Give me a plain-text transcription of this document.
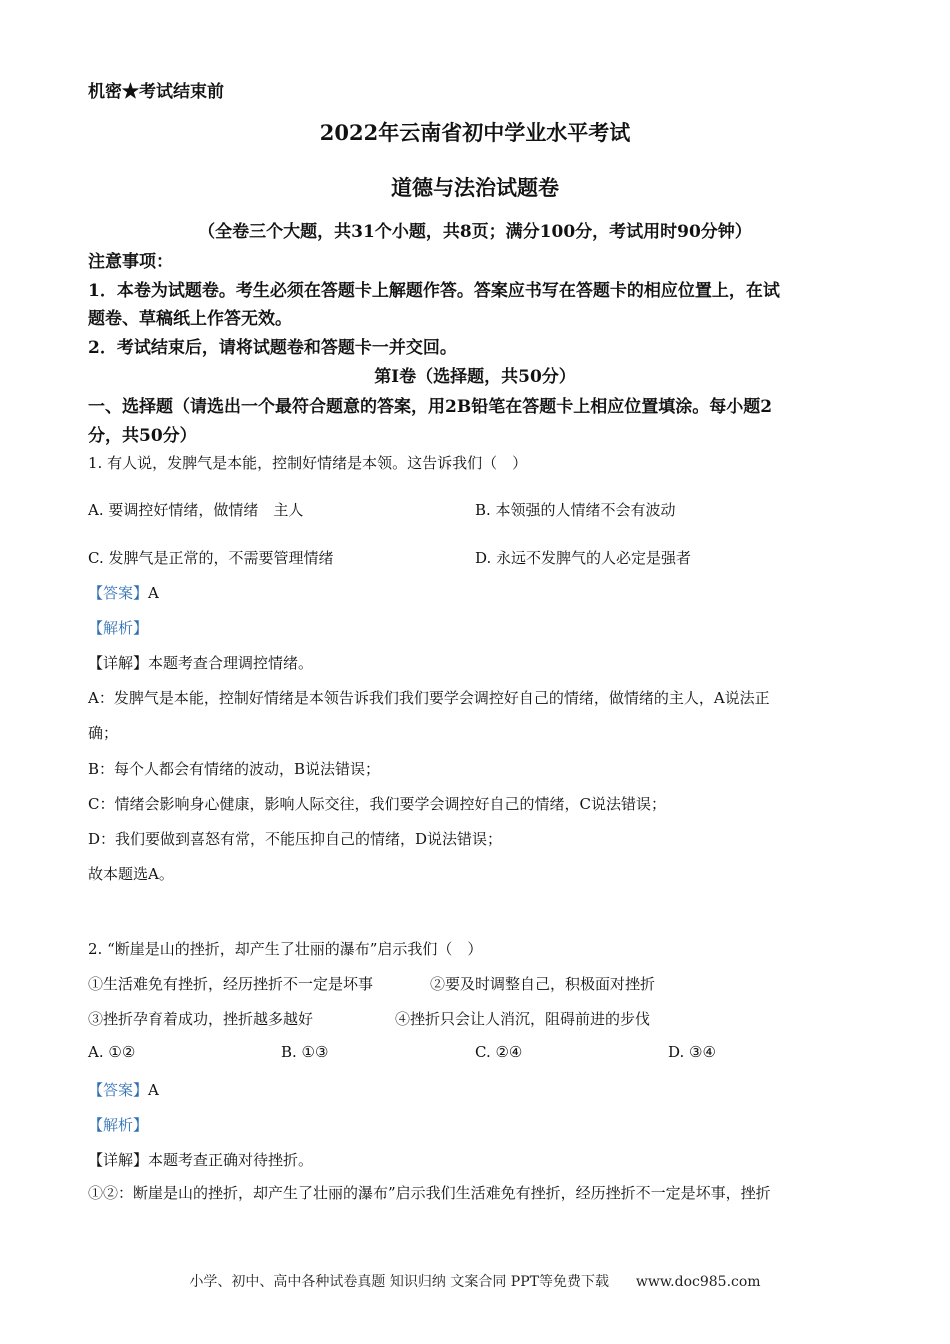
机密★考试结束前
2022年云南省初中学业水平考试
道德与法治试题卷
（全卷三个大题，共31个小题，共8页；满分100分，考试用时90分钟）
注意事项：
1．本卷为试题卷。考生必须在答题卡上解题作答。答案应书写在答题卡的相应位置上，在试
题卷、草稿纸上作答无效。
2．考试结束后，请将试题卷和答题卡一并交回。
第I卷（选择题，共50分）
一、选择题（请选出一个最符合题意的答案，用2B铅笔在答题卡上相应位置填涂。每小题2
分，共50分）
1. 有人说，发脾气是本能，控制好情绪是本领。这告诉我们（　）
A. 要调控好情绪，做情绪　主人	B. 本领强的人情绪不会有波动
C. 发脾气是正常的，不需要管理情绪	D. 永远不发脾气的人必定是强者
【答案】A
【解析】
【详解】本题考查合理调控情绪。
A：发脾气是本能，控制好情绪是本领告诉我们我们要学会调控好自己的情绪，做情绪的主人，A说法正
确；
B：每个人都会有情绪的波动，B说法错误；
C：情绪会影响身心健康，影响人际交往，我们要学会调控好自己的情绪，C说法错误；
D：我们要做到喜怒有常，不能压抑自己的情绪，D说法错误；
故本题选A。
2. “断崖是山的挫折，却产生了壮丽的瀑布”启示我们（　）
①生活难免有挫折，经历挫折不一定是坏事	②要及时调整自己，积极面对挫折
③挫折孕育着成功，挫折越多越好	④挫折只会让人消沉，阻碍前进的步伐
A. ①②	B. ①③	C. ②④	D. ③④
【答案】A
【解析】
【详解】本题考查正确对待挫折。
①②：断崖是山的挫折，却产生了壮丽的瀑布”启示我们生活难免有挫折，经历挫折不一定是坏事，挫折
小学、初中、高中各种试卷真题 知识归纳 文案合同 PPT等免费下载 www.doc985.com
